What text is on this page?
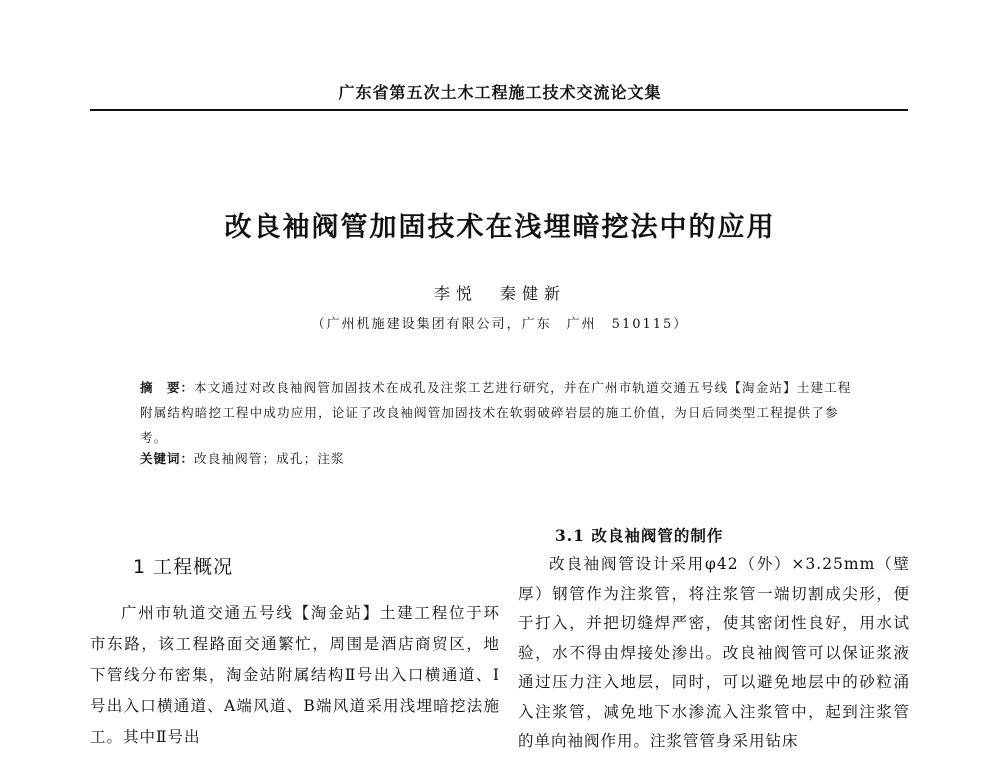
广东省第五次土木工程施工技术交流论文集
改良袖阀管加固技术在浅埋暗挖法中的应用
李悦　秦健新
（广州机施建设集团有限公司，广东　广州　510115）
摘　要：本文通过对改良袖阀管加固技术在成孔及注浆工艺进行研究，并在广州市轨道交通五号线【淘金站】土建工程附属结构暗挖工程中成功应用，论证了改良袖阀管加固技术在软弱破碎岩层的施工价值，为日后同类型工程提供了参考。
关键词：改良袖阀管；成孔；注浆
1 工程概况
广州市轨道交通五号线【淘金站】土建工程位于环市东路，该工程路面交通繁忙，周围是酒店商贸区，地下管线分布密集，淘金站附属结构Ⅱ号出入口横通道、Ⅰ号出入口横通道、A端风道、B端风道采用浅埋暗挖法施工。其中Ⅱ号出
3.1 改良袖阀管的制作
改良袖阀管设计采用φ42（外）×3.25mm（壁厚）钢管作为注浆管，将注浆管一端切割成尖形，便于打入，并把切缝焊严密，使其密闭性良好，用水试验，水不得由焊接处渗出。改良袖阀管可以保证浆液通过压力注入地层，同时，可以避免地层中的砂粒涌入注浆管，减免地下水渗流入注浆管中，起到注浆管的单向袖阀作用。注浆管管身采用钻床
